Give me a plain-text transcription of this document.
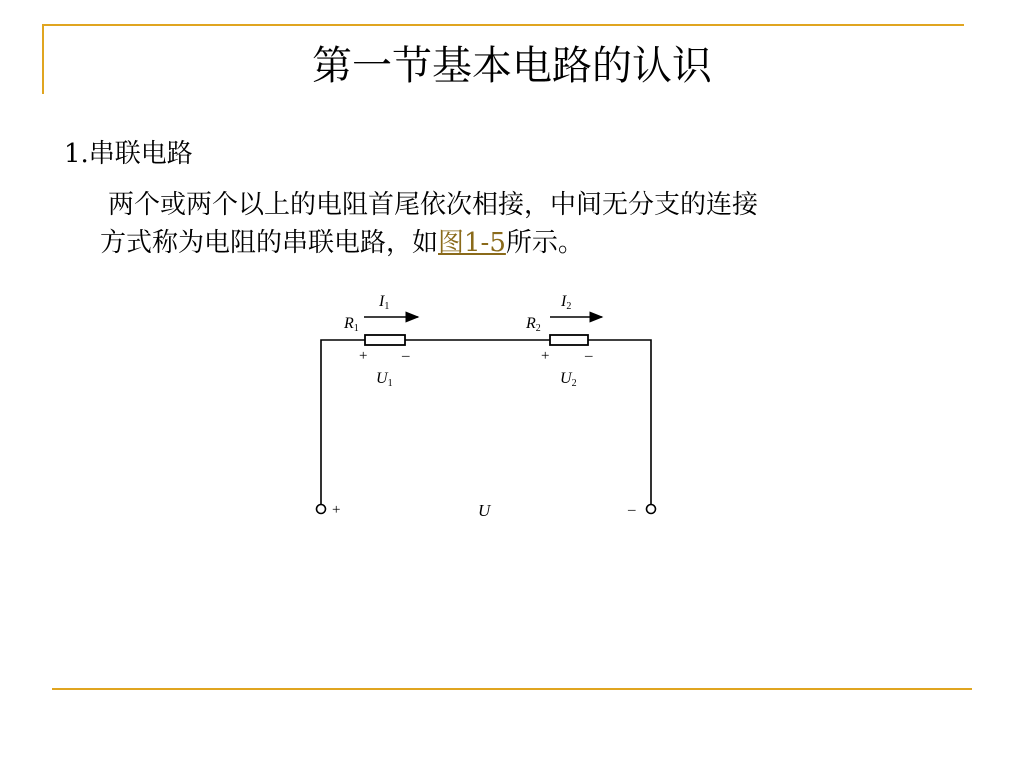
第一节基本电路的认识
1.串联电路
两个或两个以上的电阻首尾依次相接，中间无分支的连接
方式称为电阻的串联电路，如图1-5所示。
I1	I2
R1	R2
+ –	+ –
U1	U2
+	U	–
